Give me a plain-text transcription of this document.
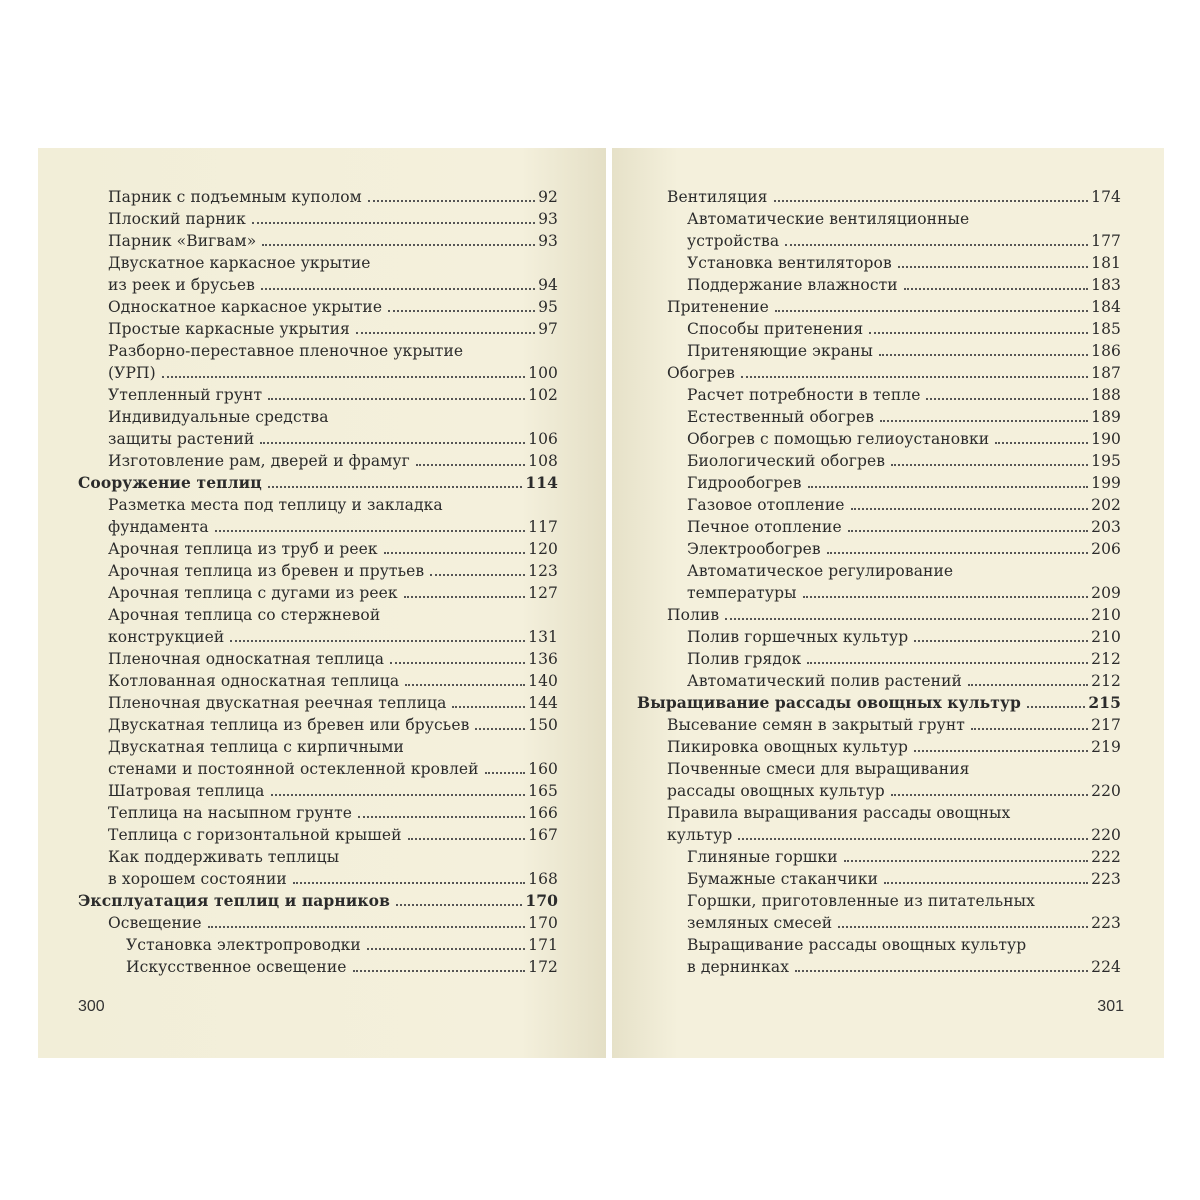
Парник с подъемным куполом	92
Плоский парник	93
Парник «Вигвам»	93
Двускатное каркасное укрытие
из реек и брусьев	94
Односкатное каркасное укрытие	95
Простые каркасные укрытия	97
Разборно-переставное пленочное укрытие
(УРП)	100
Утепленный грунт	102
Индивидуальные средства
защиты растений	106
Изготовление рам, дверей и фрамуг	108
Сооружение теплиц	114
Разметка места под теплицу и закладка
фундамента	117
Арочная теплица из труб и реек	120
Арочная теплица из бревен и прутьев	123
Арочная теплица с дугами из реек	127
Арочная теплица со стержневой
конструкцией	131
Пленочная односкатная теплица	136
Котлованная односкатная теплица	140
Пленочная двускатная реечная теплица	144
Двускатная теплица из бревен или брусьев	150
Двускатная теплица с кирпичными
стенами и постоянной остекленной кровлей	160
Шатровая теплица	165
Теплица на насыпном грунте	166
Теплица с горизонтальной крышей	167
Как поддерживать теплицы
в хорошем состоянии	168
Эксплуатация теплиц и парников	170
Освещение	170
Установка электропроводки	171
Искусственное освещение	172
300
Вентиляция	174
Автоматические вентиляционные
устройства	177
Установка вентиляторов	181
Поддержание влажности	183
Притенение	184
Способы притенения	185
Притеняющие экраны	186
Обогрев	187
Расчет потребности в тепле	188
Естественный обогрев	189
Обогрев с помощью гелиоустановки	190
Биологический обогрев	195
Гидрообогрев	199
Газовое отопление	202
Печное отопление	203
Электрообогрев	206
Автоматическое регулирование
температуры	209
Полив	210
Полив горшечных культур	210
Полив грядок	212
Автоматический полив растений	212
Выращивание рассады овощных культур	215
Высевание семян в закрытый грунт	217
Пикировка овощных культур	219
Почвенные смеси для выращивания
рассады овощных культур	220
Правила выращивания рассады овощных
культур	220
Глиняные горшки	222
Бумажные стаканчики	223
Горшки, приготовленные из питательных
земляных смесей	223
Выращивание рассады овощных культур
в дернинках	224
301
